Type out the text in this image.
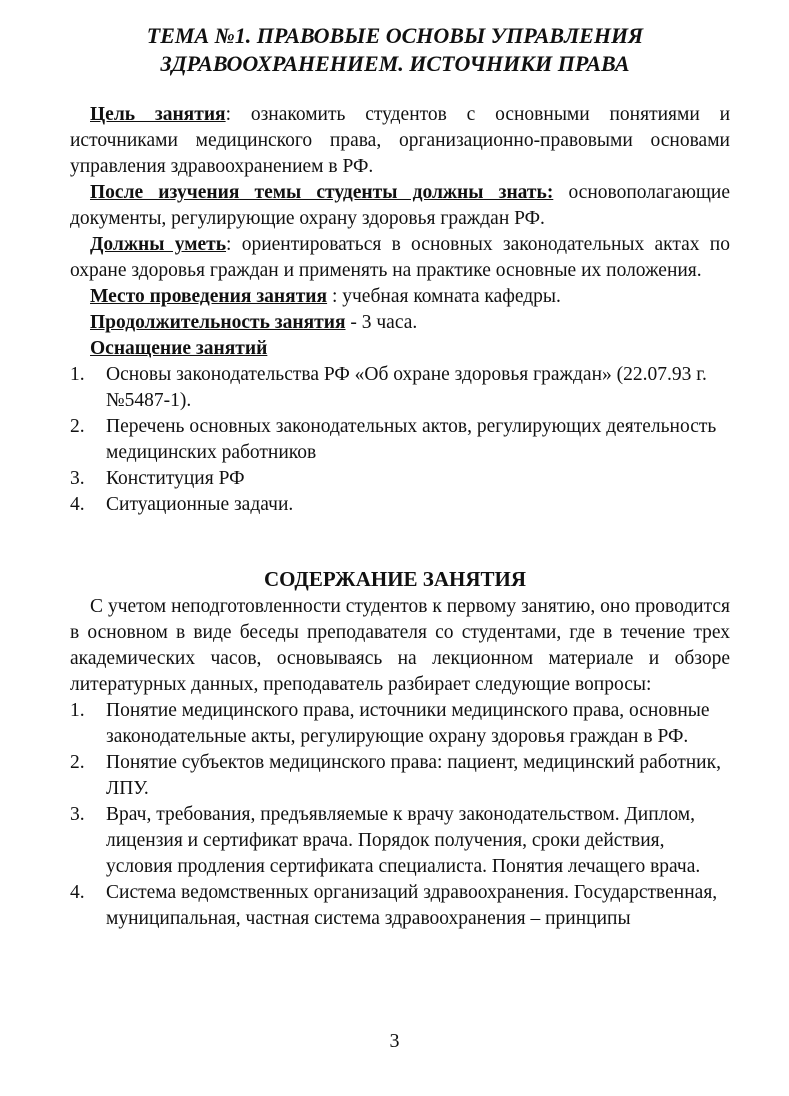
ТЕМА №1. ПРАВОВЫЕ ОСНОВЫ УПРАВЛЕНИЯ
ЗДРАВООХРАНЕНИЕМ. ИСТОЧНИКИ ПРАВА

Цель занятия: ознакомить студентов с основными понятиями и источниками медицинского права, организационно-правовыми основами управления здравоохранением в РФ.

После изучения темы студенты должны знать: основополагающие документы, регулирующие охрану здоровья граждан РФ.

Должны уметь: ориентироваться в основных законодательных актах по охране здоровья граждан и применять на практике основные их положения.

Место проведения занятия : учебная комната кафедры.

Продолжительность занятия - 3 часа.

Оснащение занятий

1. Основы законодательства РФ «Об охране здоровья граждан» (22.07.93 г. №5487-1).
2. Перечень основных законодательных актов, регулирующих деятельность медицинских работников
3. Конституция РФ
4. Ситуационные задачи.
СОДЕРЖАНИЕ ЗАНЯТИЯ

С учетом неподготовленности студентов к первому занятию, оно проводится в основном в виде беседы преподавателя со студентами, где в течение трех академических часов, основываясь на лекционном материале и обзоре литературных данных, преподаватель разбирает следующие вопросы:

1. Понятие медицинского права, источники медицинского права, основные законодательные акты, регулирующие охрану здоровья граждан в РФ.
2. Понятие субъектов медицинского права: пациент, медицинский работник, ЛПУ.
3. Врач, требования, предъявляемые к врачу законодательством. Диплом, лицензия и сертификат врача. Порядок получения, сроки действия, условия продления сертификата специалиста. Понятия лечащего врача.
4. Система ведомственных организаций здравоохранения. Государственная, муниципальная, частная система здравоохранения – принципы
3
